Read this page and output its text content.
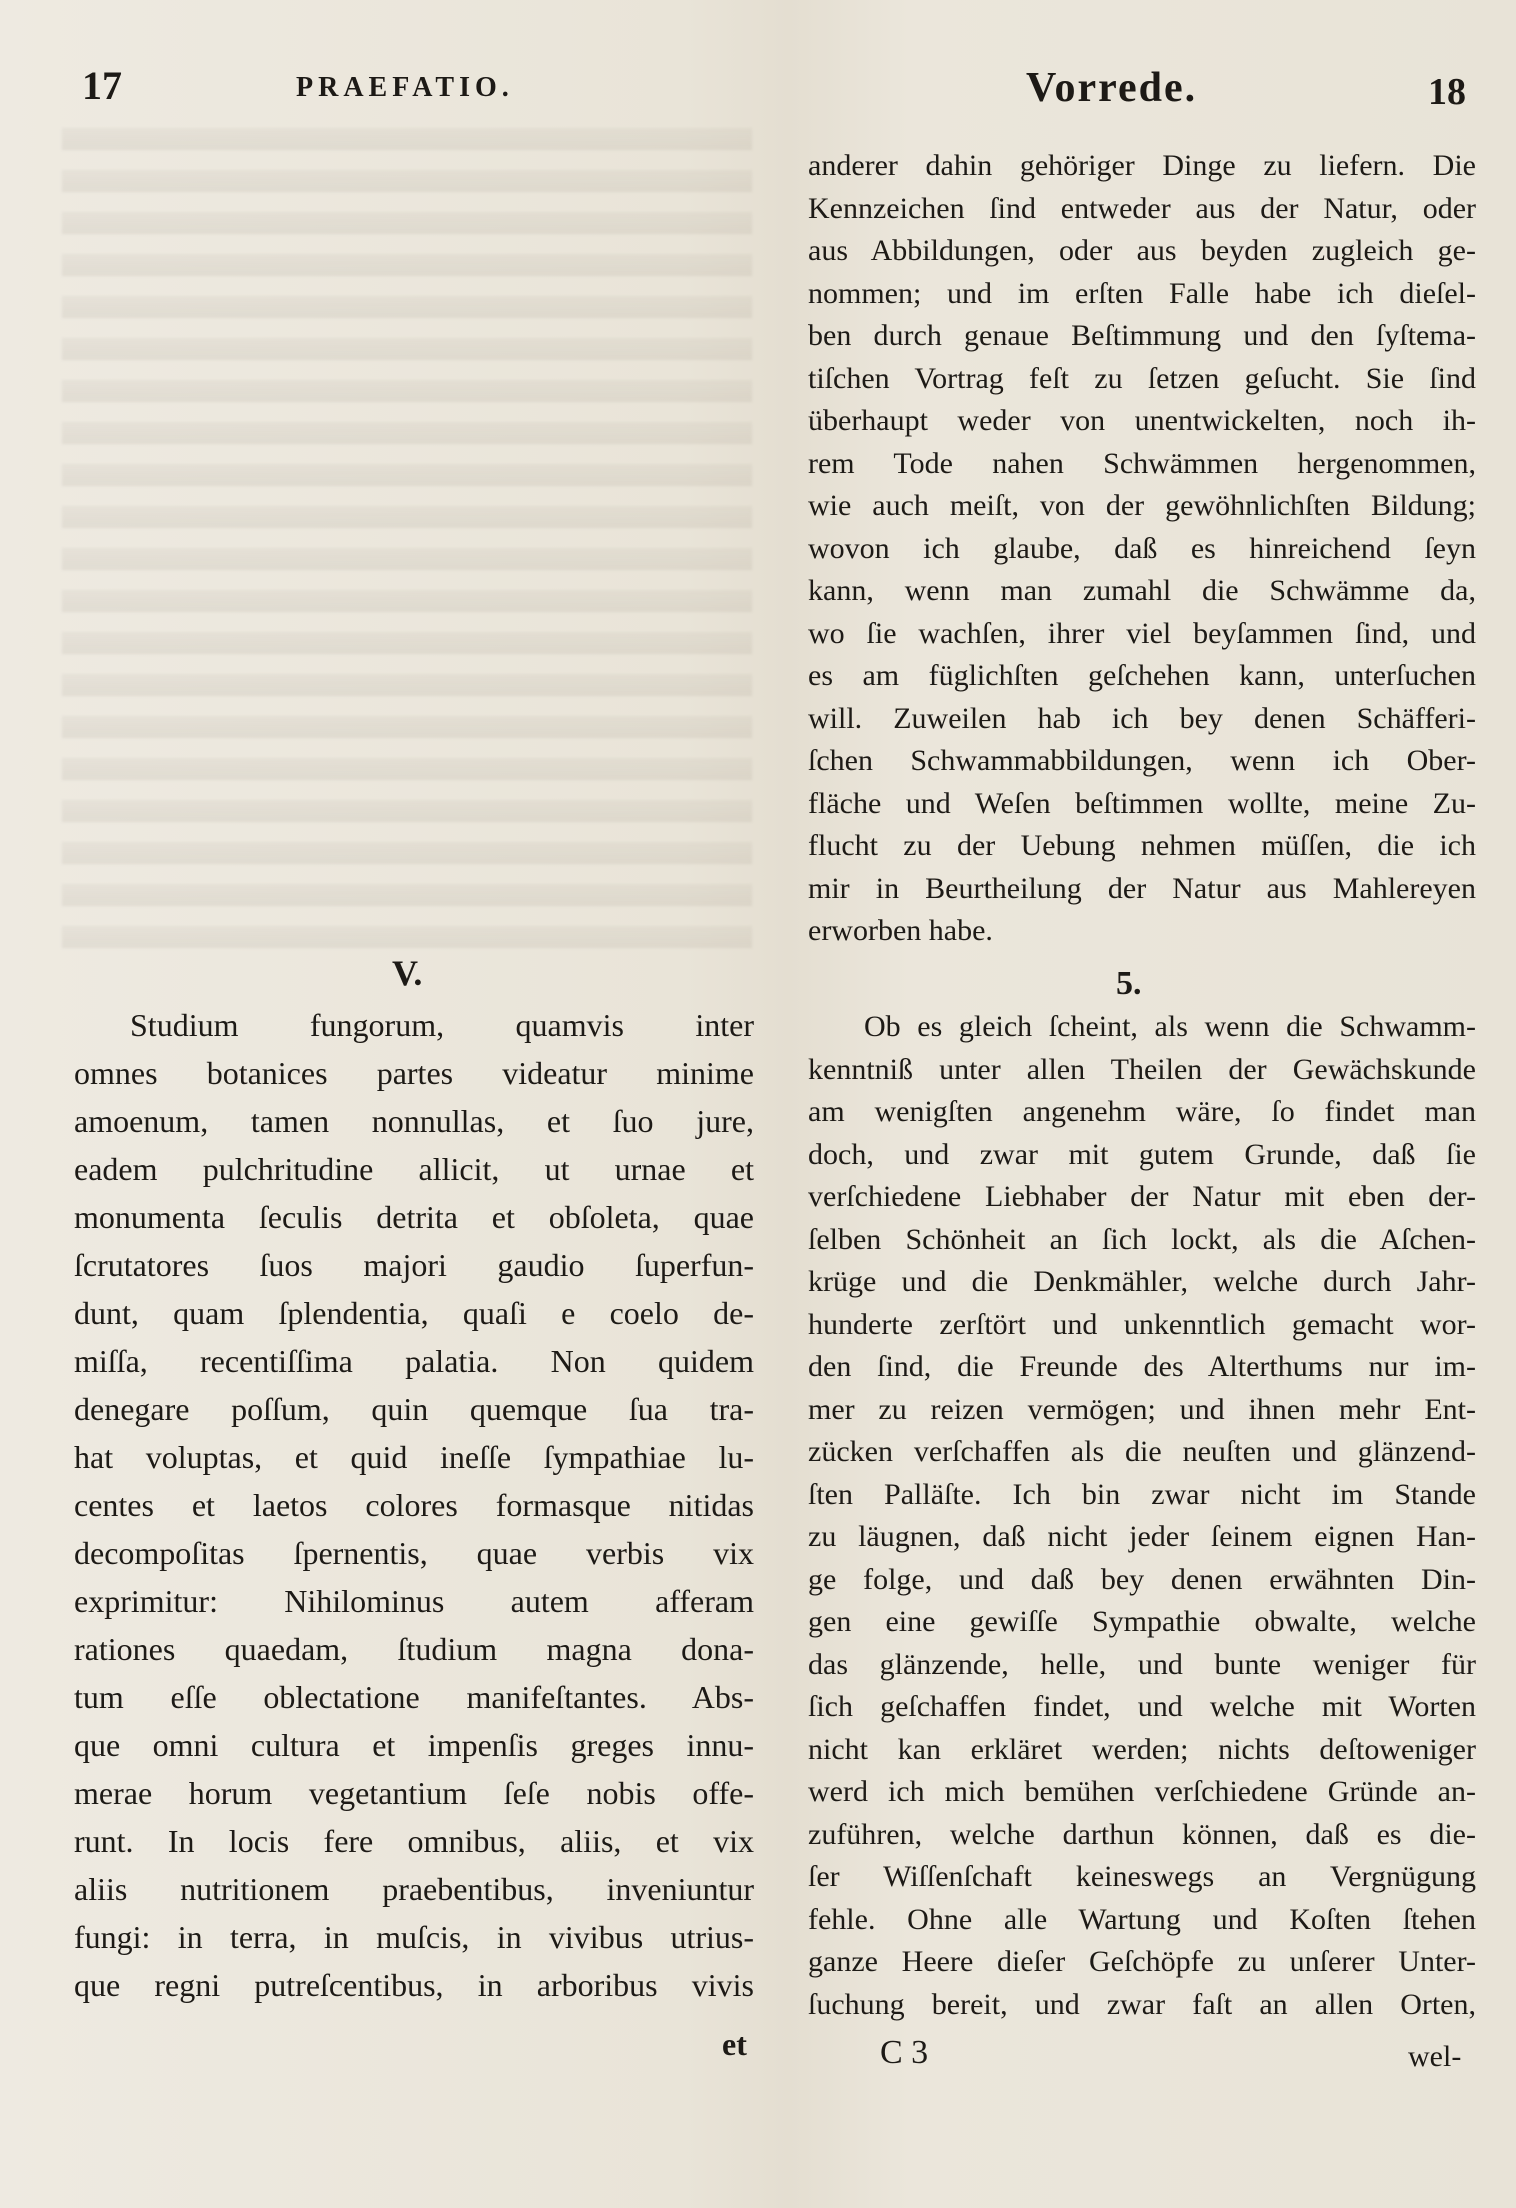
17	PRAEFATIO.	Vorrede.	18
anderer dahin gehöriger Dinge zu liefern. Die
Kennzeichen ſind entweder aus der Natur, oder
aus Abbildungen, oder aus beyden zugleich ge-
nommen; und im erſten Falle habe ich dieſel-
ben durch genaue Beſtimmung und den ſyſtema-
tiſchen Vortrag feſt zu ſetzen geſucht. Sie ſind
überhaupt weder von unentwickelten, noch ih-
rem Tode nahen Schwämmen hergenommen,
wie auch meiſt, von der gewöhnlichſten Bildung;
wovon ich glaube, daß es hinreichend ſeyn
kann, wenn man zumahl die Schwämme da,
wo ſie wachſen, ihrer viel beyſammen ſind, und
es am füglichſten geſchehen kann, unterſuchen
will. Zuweilen hab ich bey denen Schäfferi-
ſchen Schwammabbildungen, wenn ich Ober-
fläche und Weſen beſtimmen wollte, meine Zu-
flucht zu der Uebung nehmen müſſen, die ich
mir in Beurtheilung der Natur aus Mahlereyen
erworben habe.
V.	5.
Studium fungorum, quamvis inter
omnes botanices partes videatur minime
amoenum, tamen nonnullas, et ſuo jure,
eadem pulchritudine allicit, ut urnae et
monumenta ſeculis detrita et obſoleta, quae
ſcrutatores ſuos majori gaudio ſuperfun-
dunt, quam ſplendentia, quaſi e coelo de-
miſſa, recentiſſima palatia. Non quidem
denegare poſſum, quin quemque ſua tra-
hat voluptas, et quid ineſſe ſympathiae lu-
centes et laetos colores formasque nitidas
decompoſitas ſpernentis, quae verbis vix
exprimitur: Nihilominus autem afferam
rationes quaedam, ſtudium magna dona-
tum eſſe oblectatione manifeſtantes. Abs-
que omni cultura et impenſis greges innu-
merae horum vegetantium ſeſe nobis offe-
runt. In locis fere omnibus, aliis, et vix
aliis nutritionem praebentibus, inveniuntur
fungi: in terra, in muſcis, in vivibus utrius-
que regni putreſcentibus, in arboribus vivis
Ob es gleich ſcheint, als wenn die Schwamm-
kenntniß unter allen Theilen der Gewächskunde
am wenigſten angenehm wäre, ſo findet man
doch, und zwar mit gutem Grunde, daß ſie
verſchiedene Liebhaber der Natur mit eben der-
ſelben Schönheit an ſich lockt, als die Aſchen-
krüge und die Denkmähler, welche durch Jahr-
hunderte zerſtört und unkenntlich gemacht wor-
den ſind, die Freunde des Alterthums nur im-
mer zu reizen vermögen; und ihnen mehr Ent-
zücken verſchaffen als die neuſten und glänzend-
ſten Palläſte. Ich bin zwar nicht im Stande
zu läugnen, daß nicht jeder ſeinem eignen Han-
ge folge, und daß bey denen erwähnten Din-
gen eine gewiſſe Sympathie obwalte, welche
das glänzende, helle, und bunte weniger für
ſich geſchaffen findet, und welche mit Worten
nicht kan erkläret werden; nichts deſtoweniger
werd ich mich bemühen verſchiedene Gründe an-
zuführen, welche darthun können, daß es die-
ſer Wiſſenſchaft keineswegs an Vergnügung
fehle. Ohne alle Wartung und Koſten ſtehen
ganze Heere dieſer Geſchöpfe zu unſerer Unter-
ſuchung bereit, und zwar faſt an allen Orten,
et	C 3	wel-
